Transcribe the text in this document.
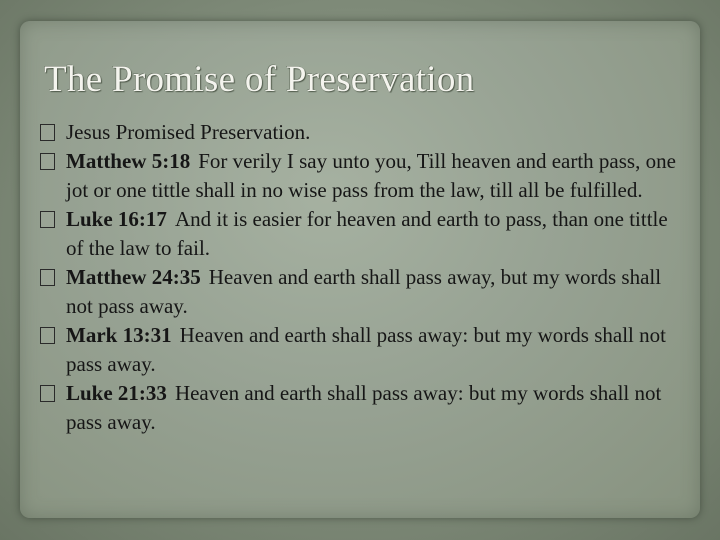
The Promise of Preservation
Jesus Promised Preservation.
Matthew 5:18 For verily I say unto you, Till heaven and earth pass, one jot or one tittle shall in no wise pass from the law, till all be fulfilled.
Luke 16:17 And it is easier for heaven and earth to pass, than one tittle of the law to fail.
Matthew 24:35 Heaven and earth shall pass away, but my words shall not pass away.
Mark 13:31 Heaven and earth shall pass away: but my words shall not pass away.
Luke 21:33 Heaven and earth shall pass away: but my words shall not pass away.
